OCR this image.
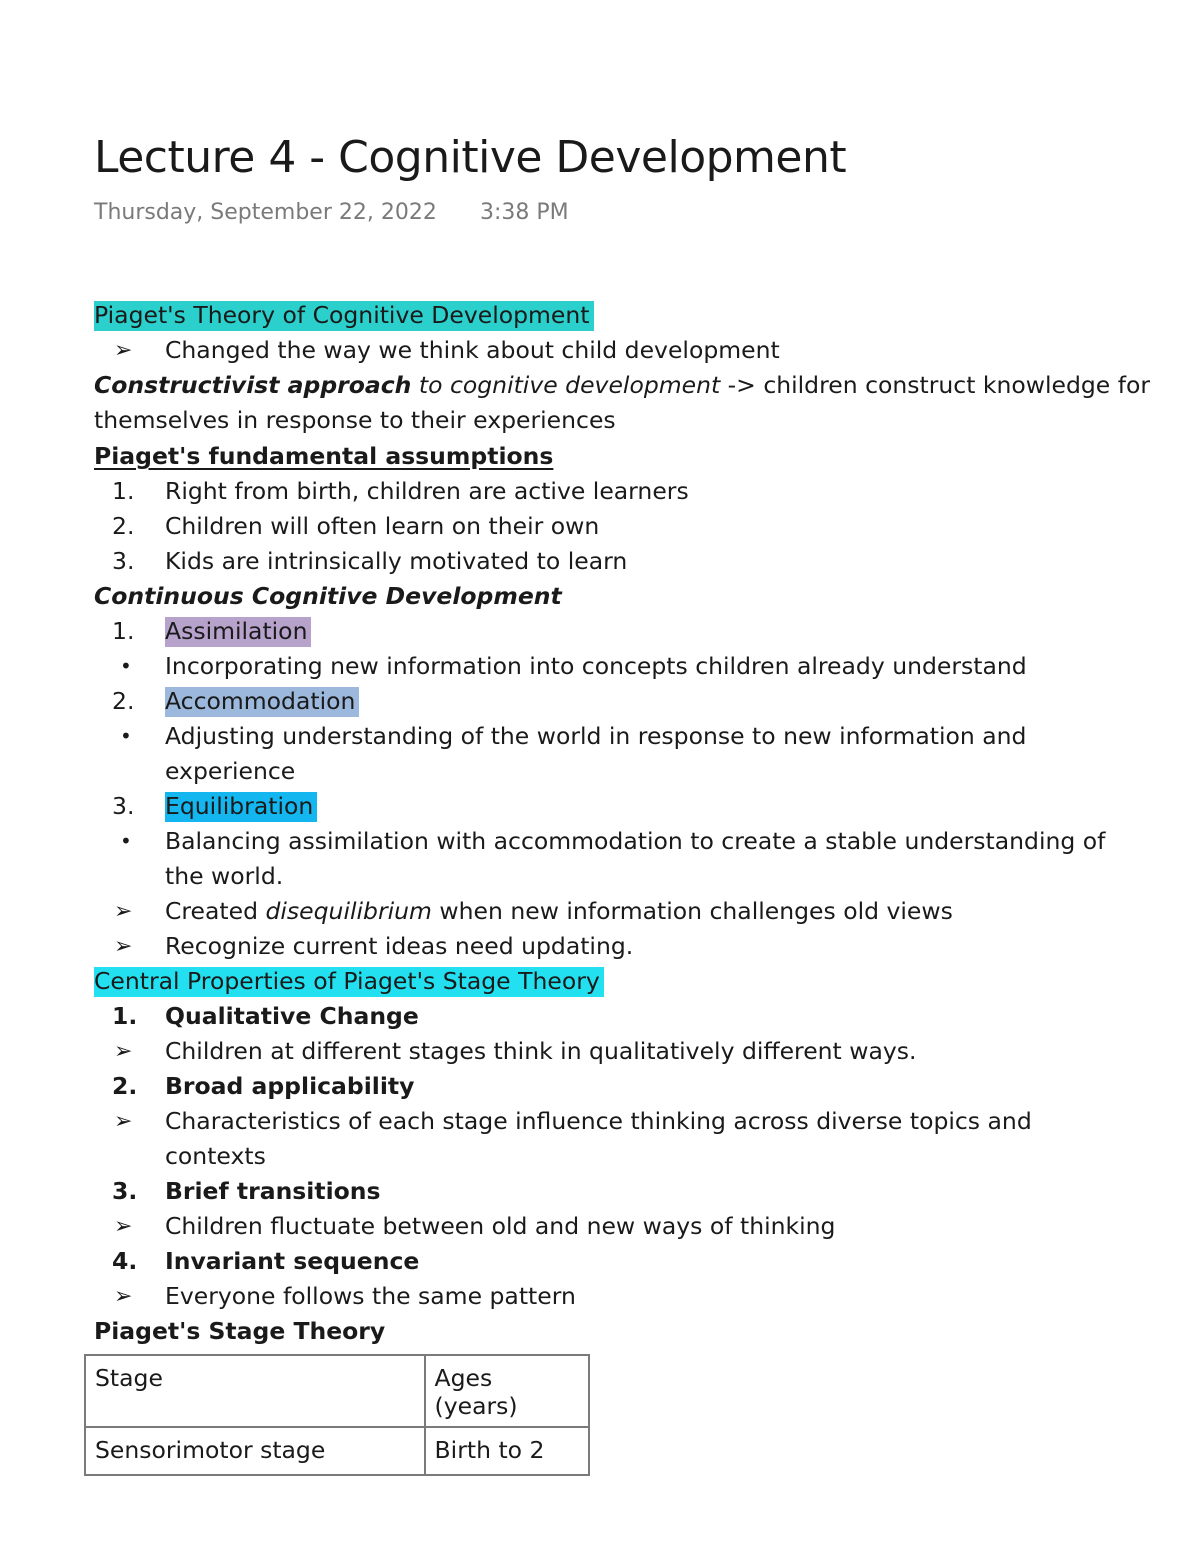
Lecture 4 - Cognitive Development
Thursday, September 22, 2022 3:38 PM
Piaget's Theory of Cognitive Development
➢	Changed the way we think about child development
Constructivist approach to cognitive development -> children construct knowledge for
themselves in response to their experiences
Piaget's fundamental assumptions
1.	Right from birth, children are active learners
2.	Children will often learn on their own
3.	Kids are intrinsically motivated to learn
Continuous Cognitive Development
1.	Assimilation
•	Incorporating new information into concepts children already understand
2.	Accommodation
•	Adjusting understanding of the world in response to new information and
experience
3.	Equilibration
•	Balancing assimilation with accommodation to create a stable understanding of
the world.
➢	Created disequilibrium when new information challenges old views
➢	Recognize current ideas need updating.
Central Properties of Piaget's Stage Theory
1.	Qualitative Change
➢	Children at different stages think in qualitatively different ways.
2.	Broad applicability
➢	Characteristics of each stage influence thinking across diverse topics and
contexts
3.	Brief transitions
➢	Children fluctuate between old and new ways of thinking
4.	Invariant sequence
➢	Everyone follows the same pattern
Piaget's Stage Theory
Stage	Ages (years)
Sensorimotor stage	Birth to 2
